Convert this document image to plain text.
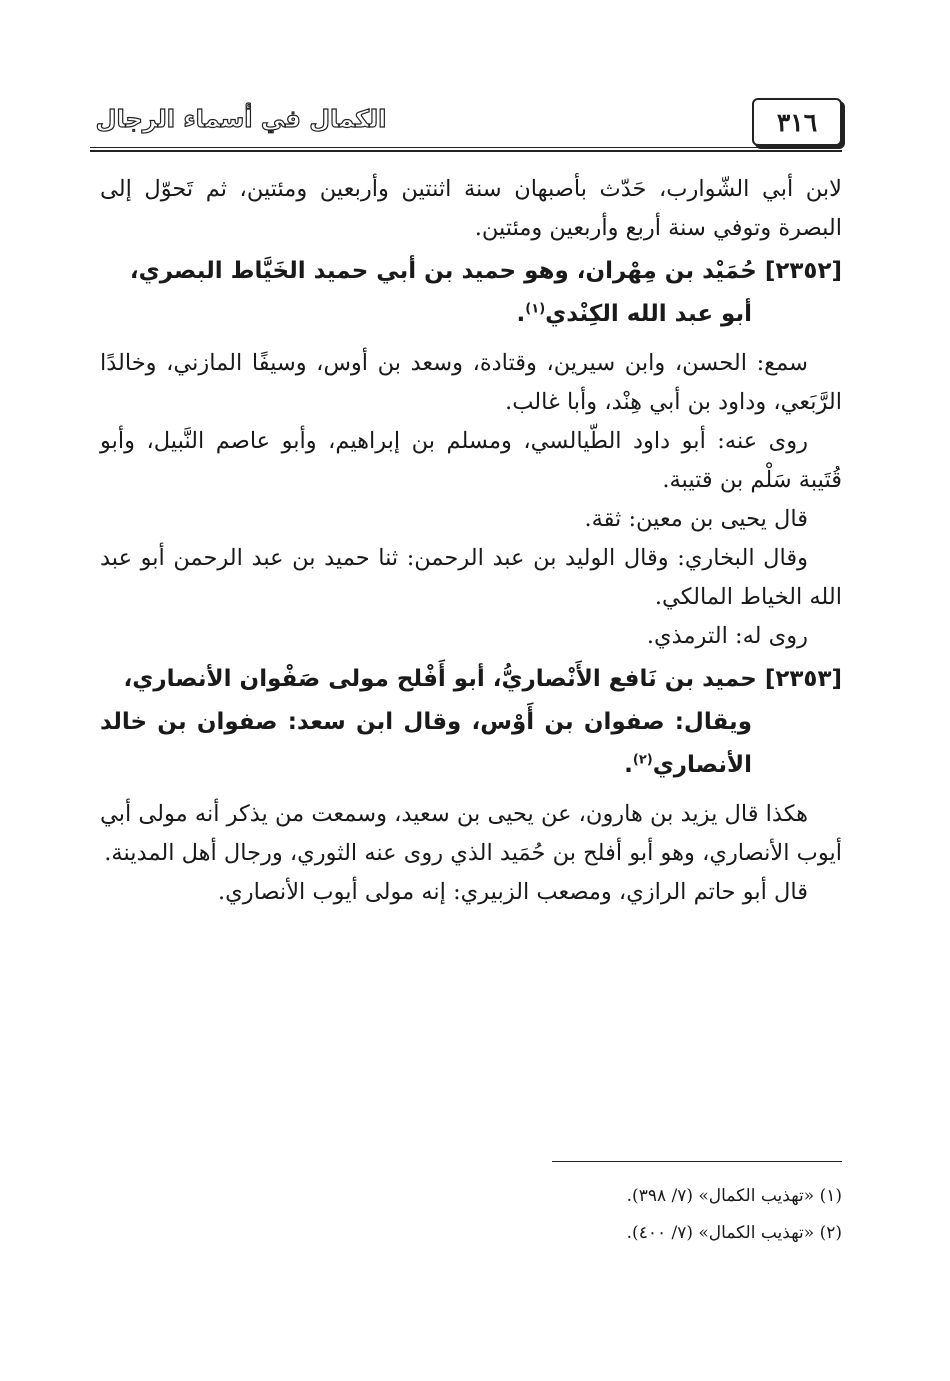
الكمال في أسماء الرجال	٣١٦

لابن أبي الشّوارب، حَدّث بأصبهان سنة اثنتين وأربعين ومئتين، ثم تَحوّل إلى البصرة وتوفي سنة أربع وأربعين ومئتين.

[٢٣٥٢] حُمَيْد بن مِهْران، وهو حميد بن أبي حميد الخَيَّاط البصري،
أبو عبد الله الكِنْدي$^{(١)}$.

سمع: الحسن، وابن سيرين، وقتادة، وسعد بن أوس، وسيفًا المازني، وخالدًا الرَّبَعي، وداود بن أبي هِنْد، وأبا غالب.

روى عنه: أبو داود الطّيالسي، ومسلم بن إبراهيم، وأبو عاصم النَّبيل، وأبو قُتَيبة سَلْم بن قتيبة.

قال يحيى بن معين: ثقة.

وقال البخاري: وقال الوليد بن عبد الرحمن: ثنا حميد بن عبد الرحمن أبو عبد الله الخياط المالكي.

روى له: الترمذي.

[٢٣٥٣] حميد بن نَافع الأَنْصاريُّ، أبو أَفْلح مولى صَفْوان الأنصاري،
ويقال: صفوان بن أَوْس، وقال ابن سعد: صفوان بن خالد الأنصاري$^{(٢)}$.

هكذا قال يزيد بن هارون، عن يحيى بن سعيد، وسمعت من يذكر أنه مولى أبي أيوب الأنصاري، وهو أبو أفلح بن حُمَيد الذي روى عنه الثوري، ورجال أهل المدينة.

قال أبو حاتم الرازي، ومصعب الزبيري: إنه مولى أيوب الأنصاري.

(١) «تهذيب الكمال» (٧/ ٣٩٨).

(٢) «تهذيب الكمال» (٧/ ٤٠٠).
